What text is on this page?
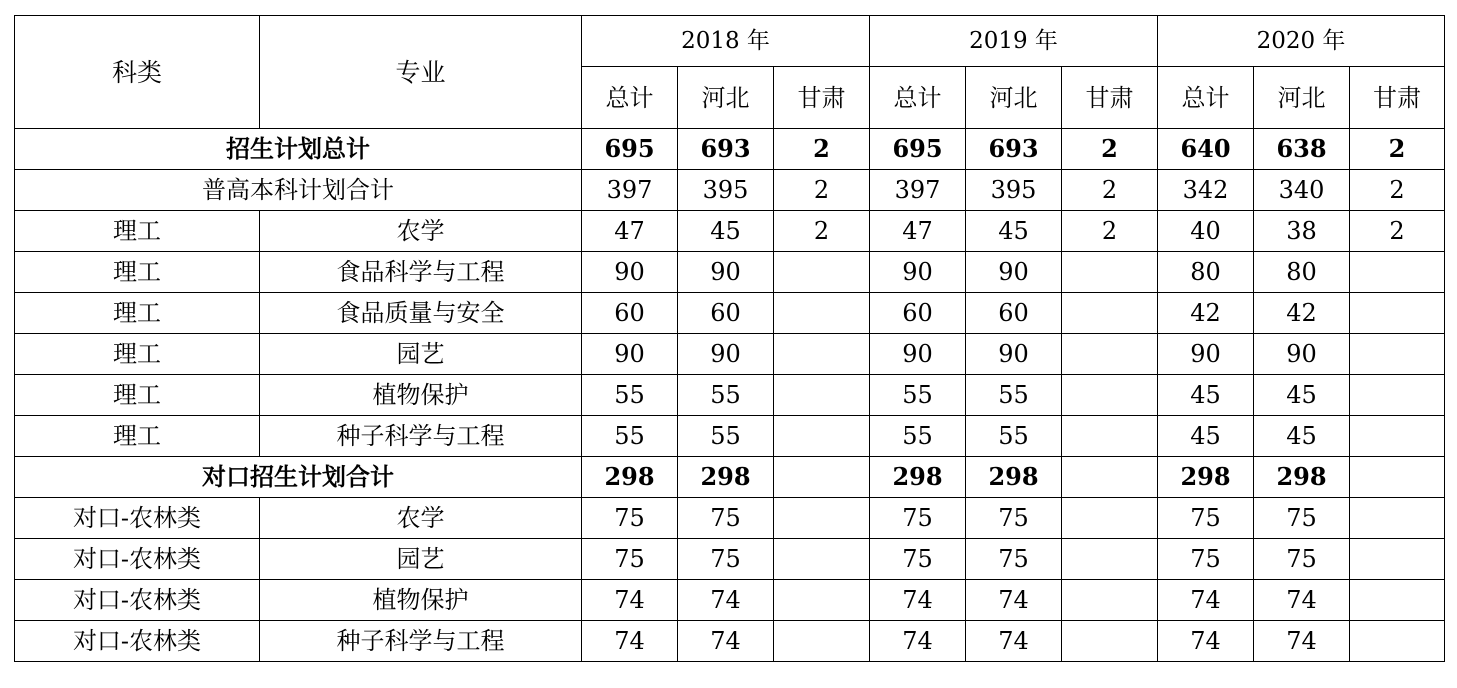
科类	专业	2018 年			2019 年			2020 年		
		总计	河北	甘肃	总计	河北	甘肃	总计	河北	甘肃
招生计划总计		695	693	2	695	693	2	640	638	2
普高本科计划合计		397	395	2	397	395	2	342	340	2
理工	农学	47	45	2	47	45	2	40	38	2
理工	食品科学与工程	90	90		90	90		80	80	
理工	食品质量与安全	60	60		60	60		42	42	
理工	园艺	90	90		90	90		90	90	
理工	植物保护	55	55		55	55		45	45	
理工	种子科学与工程	55	55		55	55		45	45	
对口招生计划合计		298	298		298	298		298	298	
对口-农林类	农学	75	75		75	75		75	75	
对口-农林类	园艺	75	75		75	75		75	75	
对口-农林类	植物保护	74	74		74	74		74	74	
对口-农林类	种子科学与工程	74	74		74	74		74	74	
